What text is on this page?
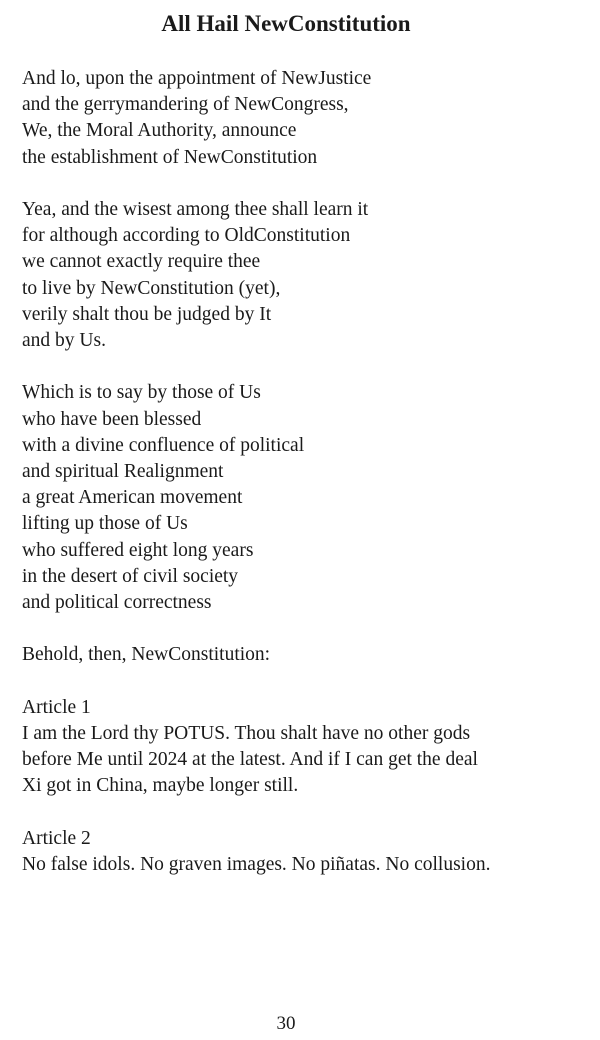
All Hail NewConstitution
And lo, upon the appointment of NewJustice
and the gerrymandering of NewCongress,
We, the Moral Authority, announce
the establishment of NewConstitution
Yea, and the wisest among thee shall learn it
for although according to OldConstitution
we cannot exactly require thee
to live by NewConstitution (yet),
verily shalt thou be judged by It
and by Us.
Which is to say by those of Us
who have been blessed
with a divine confluence of political
and spiritual Realignment
a great American movement
lifting up those of Us
who suffered eight long years
in the desert of civil society
and political correctness
Behold, then, NewConstitution:
Article 1
I am the Lord thy POTUS. Thou shalt have no other gods
before Me until 2024 at the latest. And if I can get the deal
Xi got in China, maybe longer still.
Article 2
No false idols. No graven images. No piñatas. No collusion.
30
